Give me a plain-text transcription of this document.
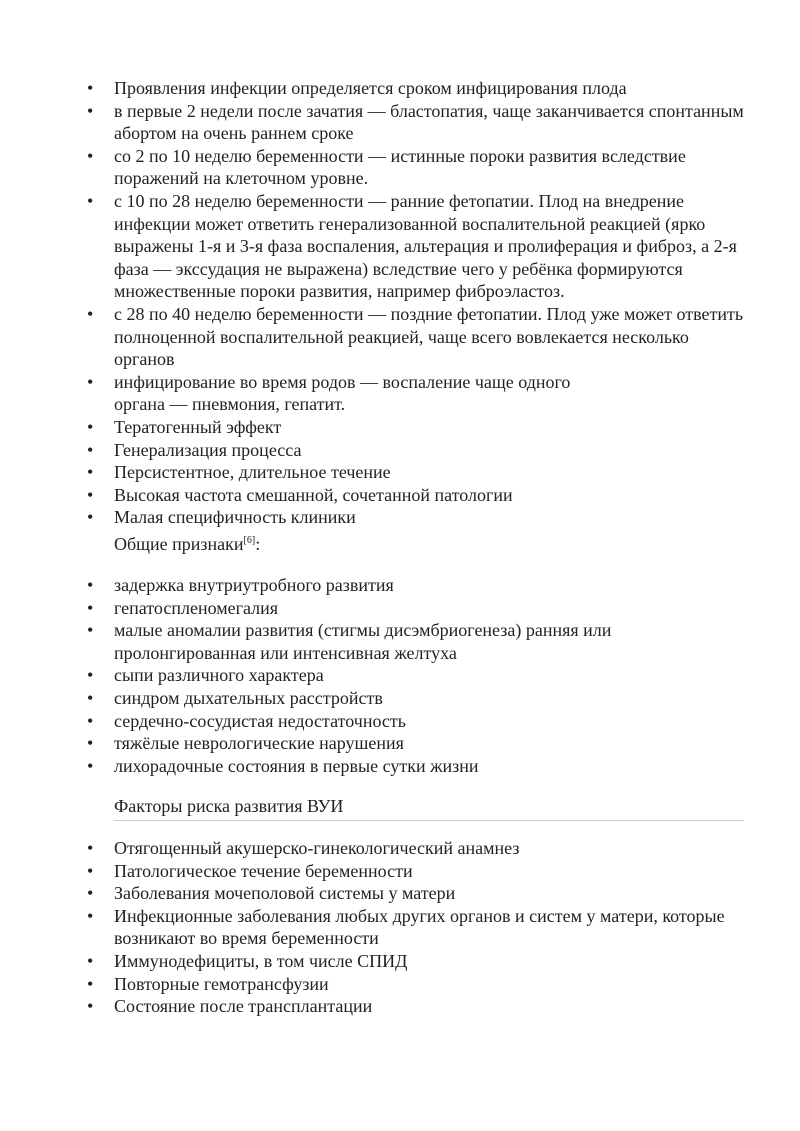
•	Проявления инфекции определяется сроком инфицирования плода
•	в первые 2 недели после зачатия — бластопатия, чаще заканчивается спонтанным абортом на очень раннем сроке
•	со 2 по 10 неделю беременности — истинные пороки развития вследствие поражений на клеточном уровне.
•	с 10 по 28 неделю беременности — ранние фетопатии. Плод на внедрение инфекции может ответить генерализованной воспалительной реакцией (ярко выражены 1-я и 3-я фаза воспаления, альтерация и пролиферация и фиброз, а 2-я фаза — экссудация не выражена) вследствие чего у ребёнка формируются множественные пороки развития, например фиброэластоз.
•	с 28 по 40 неделю беременности — поздние фетопатии. Плод уже может ответить полноценной воспалительной реакцией, чаще всего вовлекается несколько органов
•	инфицирование во время родов — воспаление чаще одного органа — пневмония, гепатит.
•	Тератогенный эффект
•	Генерализация процесса
•	Персистентное, длительное течение
•	Высокая частота смешанной, сочетанной патологии
•	Малая специфичность клиники

Общие признаки[6]:

•	задержка внутриутробного развития
•	гепатоспленомегалия
•	малые аномалии развития (стигмы дисэмбриогенеза) ранняя или пролонгированная или интенсивная желтуха
•	сыпи различного характера
•	синдром дыхательных расстройств
•	сердечно-сосудистая недостаточность
•	тяжёлые неврологические нарушения
•	лихорадочные состояния в первые сутки жизни
Факторы риска развития ВУИ
•	Отягощенный акушерско-гинекологический анамнез
•	Патологическое течение беременности
•	Заболевания мочеполовой системы у матери
•	Инфекционные заболевания любых других органов и систем у матери, которые возникают во время беременности
•	Иммунодефициты, в том числе СПИД
•	Повторные гемотрансфузии
•	Состояние после трансплантации
